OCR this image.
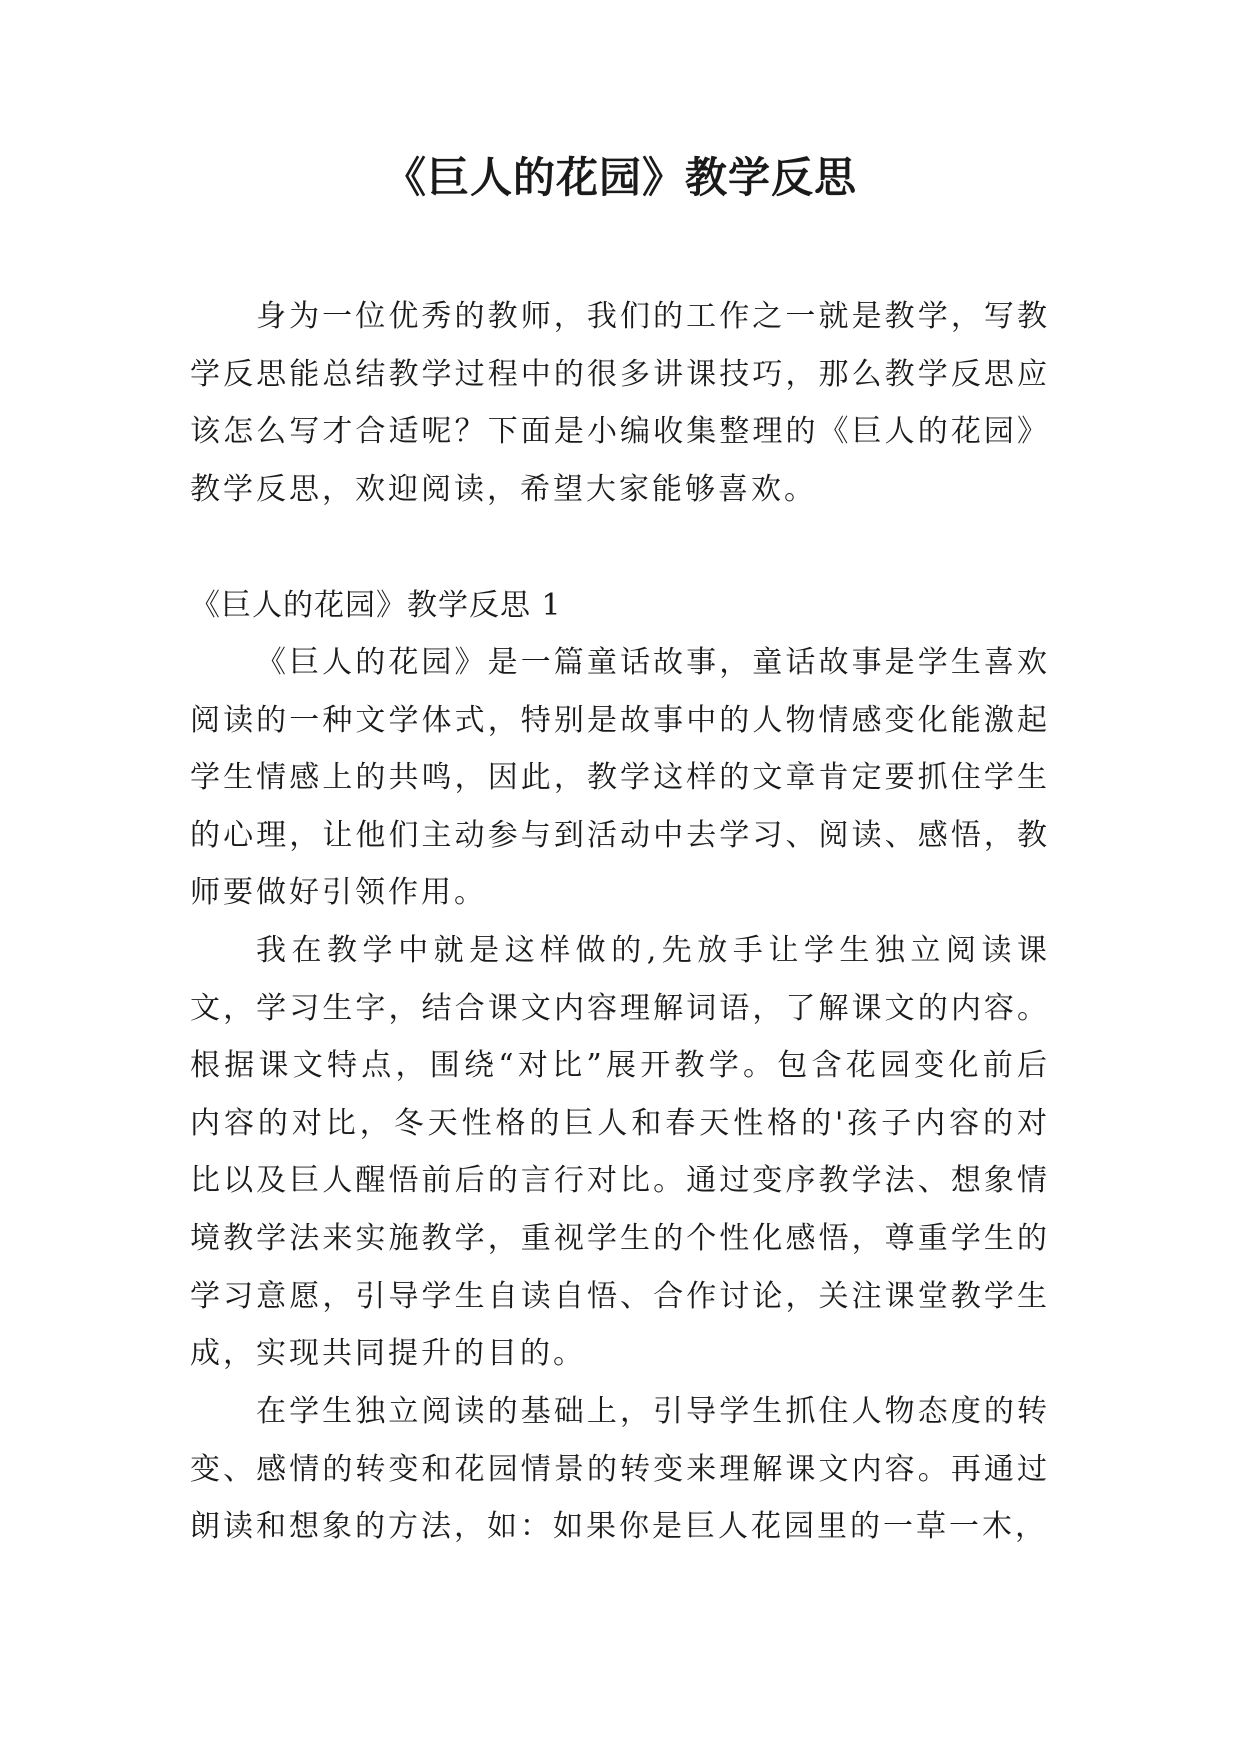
《巨人的花园》教学反思

身为一位优秀的教师，我们的工作之一就是教学，写教学反思能总结教学过程中的很多讲课技巧，那么教学反思应该怎么写才合适呢？下面是小编收集整理的《巨人的花园》教学反思，欢迎阅读，希望大家能够喜欢。

《巨人的花园》教学反思 1

《巨人的花园》是一篇童话故事，童话故事是学生喜欢阅读的一种文学体式，特别是故事中的人物情感变化能激起学生情感上的共鸣，因此，教学这样的文章肯定要抓住学生的心理，让他们主动参与到活动中去学习、阅读、感悟，教师要做好引领作用。

我在教学中就是这样做的,先放手让学生独立阅读课文，学习生字，结合课文内容理解词语，了解课文的内容。根据课文特点，围绕“对比”展开教学。包含花园变化前后内容的对比，冬天性格的巨人和春天性格的'孩子内容的对比以及巨人醒悟前后的言行对比。通过变序教学法、想象情境教学法来实施教学，重视学生的个性化感悟，尊重学生的学习意愿，引导学生自读自悟、合作讨论，关注课堂教学生成，实现共同提升的目的。

在学生独立阅读的基础上，引导学生抓住人物态度的转变、感情的转变和花园情景的转变来理解课文内容。再通过朗读和想象的方法，如：如果你是巨人花园里的一草一木，
